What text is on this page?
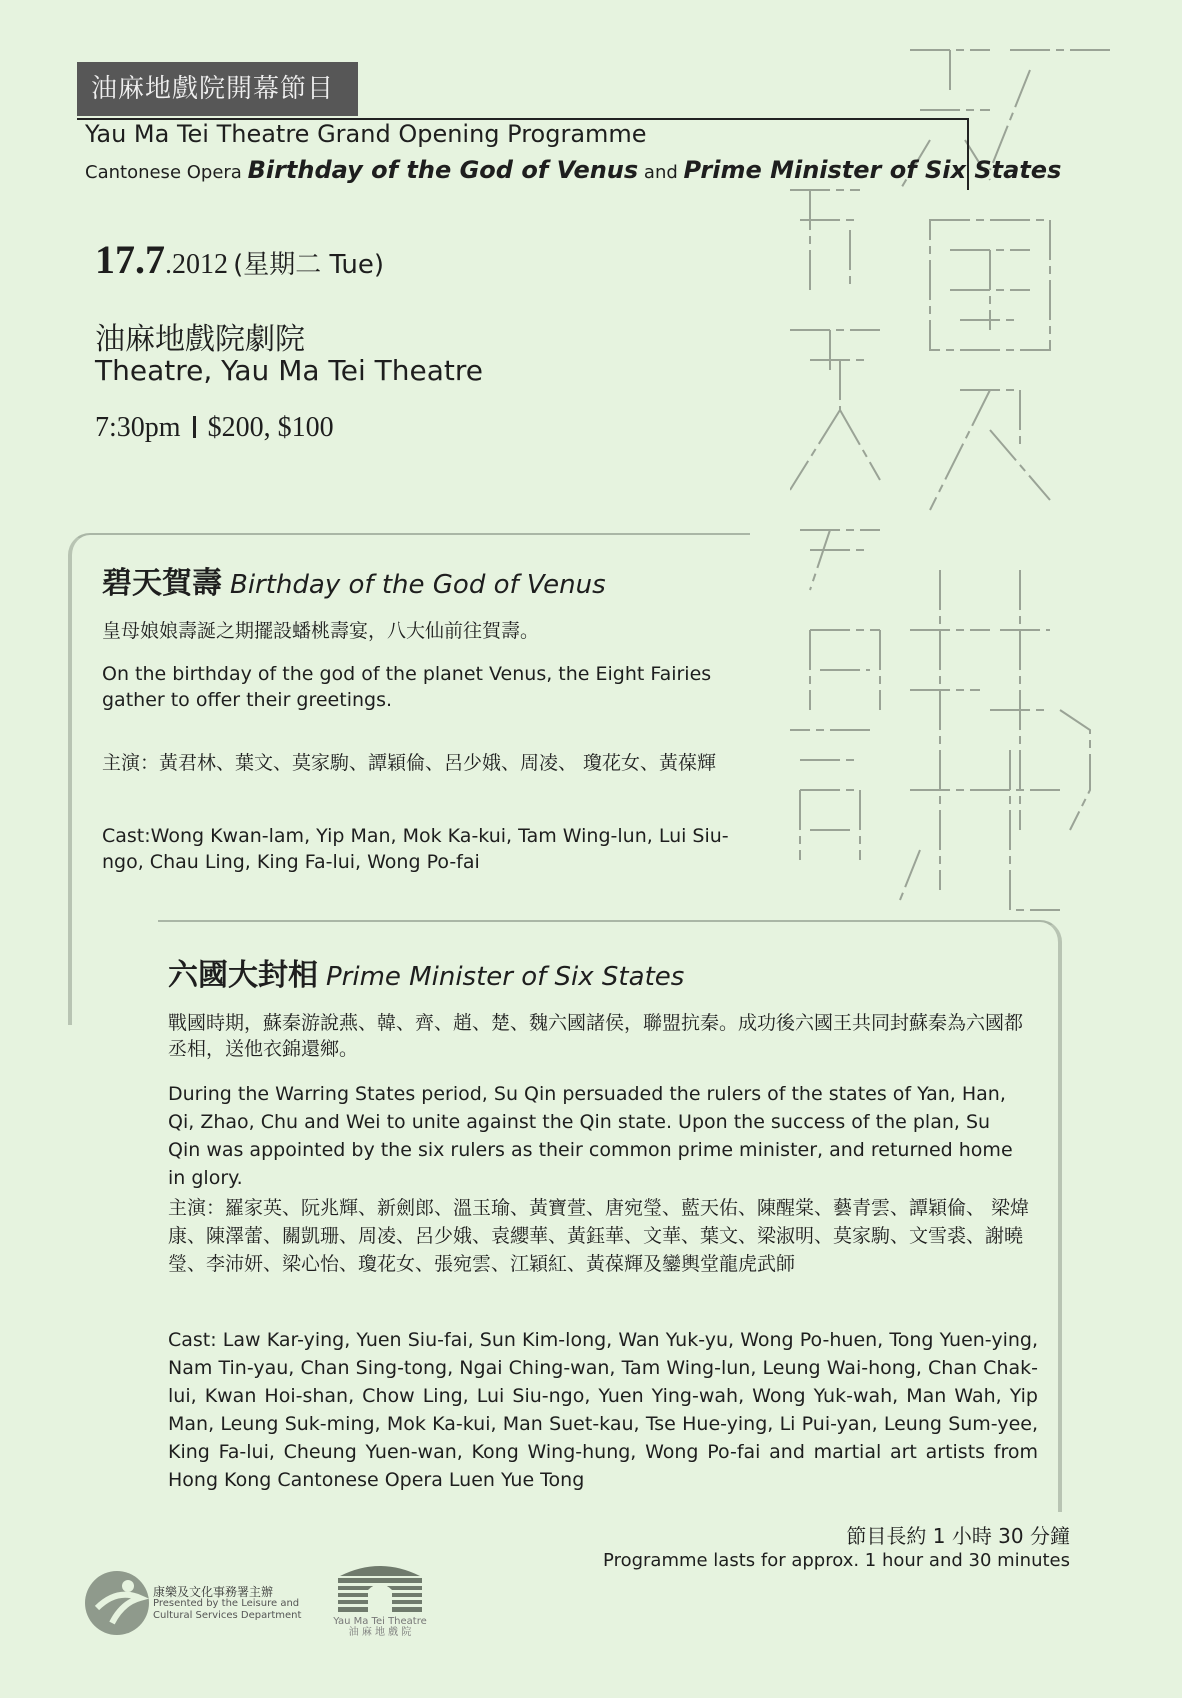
六國大封相 碧天賀壽
油麻地戲院開幕節目
Yau Ma Tei Theatre Grand Opening Programme
Cantonese Opera Birthday of the God of Venus and Prime Minister of Six States
17.7.2012 (星期二 Tue)
油麻地戲院劇院
Theatre, Yau Ma Tei Theatre
7:30pm $200, $100
碧天賀壽 Birthday of the God of Venus
皇母娘娘壽誕之期擺設蟠桃壽宴，八大仙前往賀壽。
On the birthday of the god of the planet Venus, the Eight Fairies gather to offer their greetings.
主演：黃君林、葉文、莫家駒、譚穎倫、呂少娥、周凌、 瓊花女、黃葆輝
Cast:Wong Kwan-lam, Yip Man, Mok Ka-kui, Tam Wing-lun, Lui Siu-ngo, Chau Ling, King Fa-lui, Wong Po-fai
六國大封相 Prime Minister of Six States
戰國時期，蘇秦游說燕、韓、齊、趙、楚、魏六國諸侯，聯盟抗秦。成功後六國王共同封蘇秦為六國都丞相，送他衣錦還鄉。
During the Warring States period, Su Qin persuaded the rulers of the states of Yan, Han, Qi, Zhao, Chu and Wei to unite against the Qin state. Upon the success of the plan, Su Qin was appointed by the six rulers as their common prime minister, and returned home in glory.
主演：羅家英、阮兆輝、新劍郎、溫玉瑜、黃寶萱、唐宛瑩、藍天佑、陳醒棠、藝青雲、譚穎倫、 梁煒康、陳澤蕾、關凱珊、周凌、呂少娥、袁纓華、黃鈺華、文華、葉文、梁淑明、莫家駒、文雪裘、謝曉瑩、李沛妍、梁心怡、瓊花女、張宛雲、江穎紅、黃葆輝及鑾輿堂龍虎武師
Cast: Law Kar-ying, Yuen Siu-fai, Sun Kim-long, Wan Yuk-yu, Wong Po-huen, Tong Yuen-ying, Nam Tin-yau, Chan Sing-tong, Ngai Ching-wan, Tam Wing-lun, Leung Wai-hong, Chan Chak-lui, Kwan Hoi-shan, Chow Ling, Lui Siu-ngo, Yuen Ying-wah, Wong Yuk-wah, Man Wah, Yip Man, Leung Suk-ming, Mok Ka-kui, Man Suet-kau, Tse Hue-ying, Li Pui-yan, Leung Sum-yee, King Fa-lui, Cheung Yuen-wan, Kong Wing-hung, Wong Po-fai and martial art artists from Hong Kong Cantonese Opera Luen Yue Tong
節目長約 1 小時 30 分鐘
Programme lasts for approx. 1 hour and 30 minutes
康樂及文化事務署主辦
Presented by the Leisure and
Cultural Services Department
Yau Ma Tei Theatre
油 麻 地 戲 院
